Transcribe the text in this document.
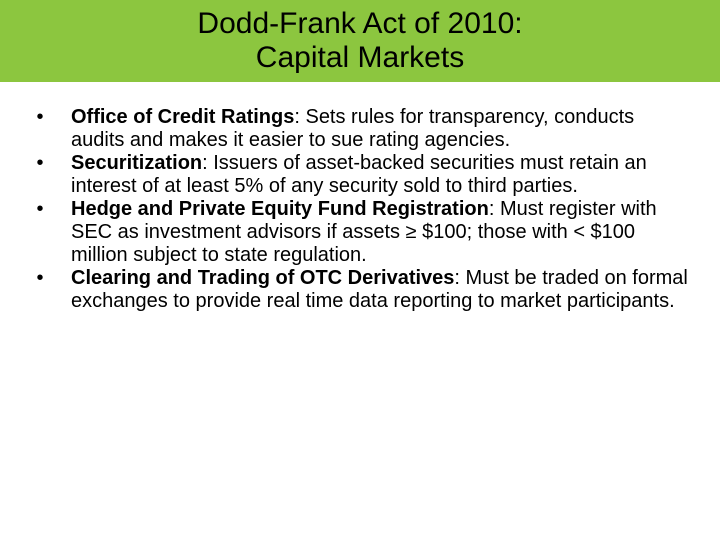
Dodd-Frank Act of 2010:
Capital Markets
•	Office of Credit Ratings: Sets rules for transparency, conducts audits and makes it easier to sue rating agencies.
•	Securitization: Issuers of asset-backed securities must retain an interest of at least 5% of any security sold to third parties.
•	Hedge and Private Equity Fund Registration: Must register with SEC as investment advisors if assets ≥ $100; those with < $100 million subject to state regulation.
•	Clearing and Trading of OTC Derivatives: Must be traded on formal exchanges to provide real time data reporting to market participants.
